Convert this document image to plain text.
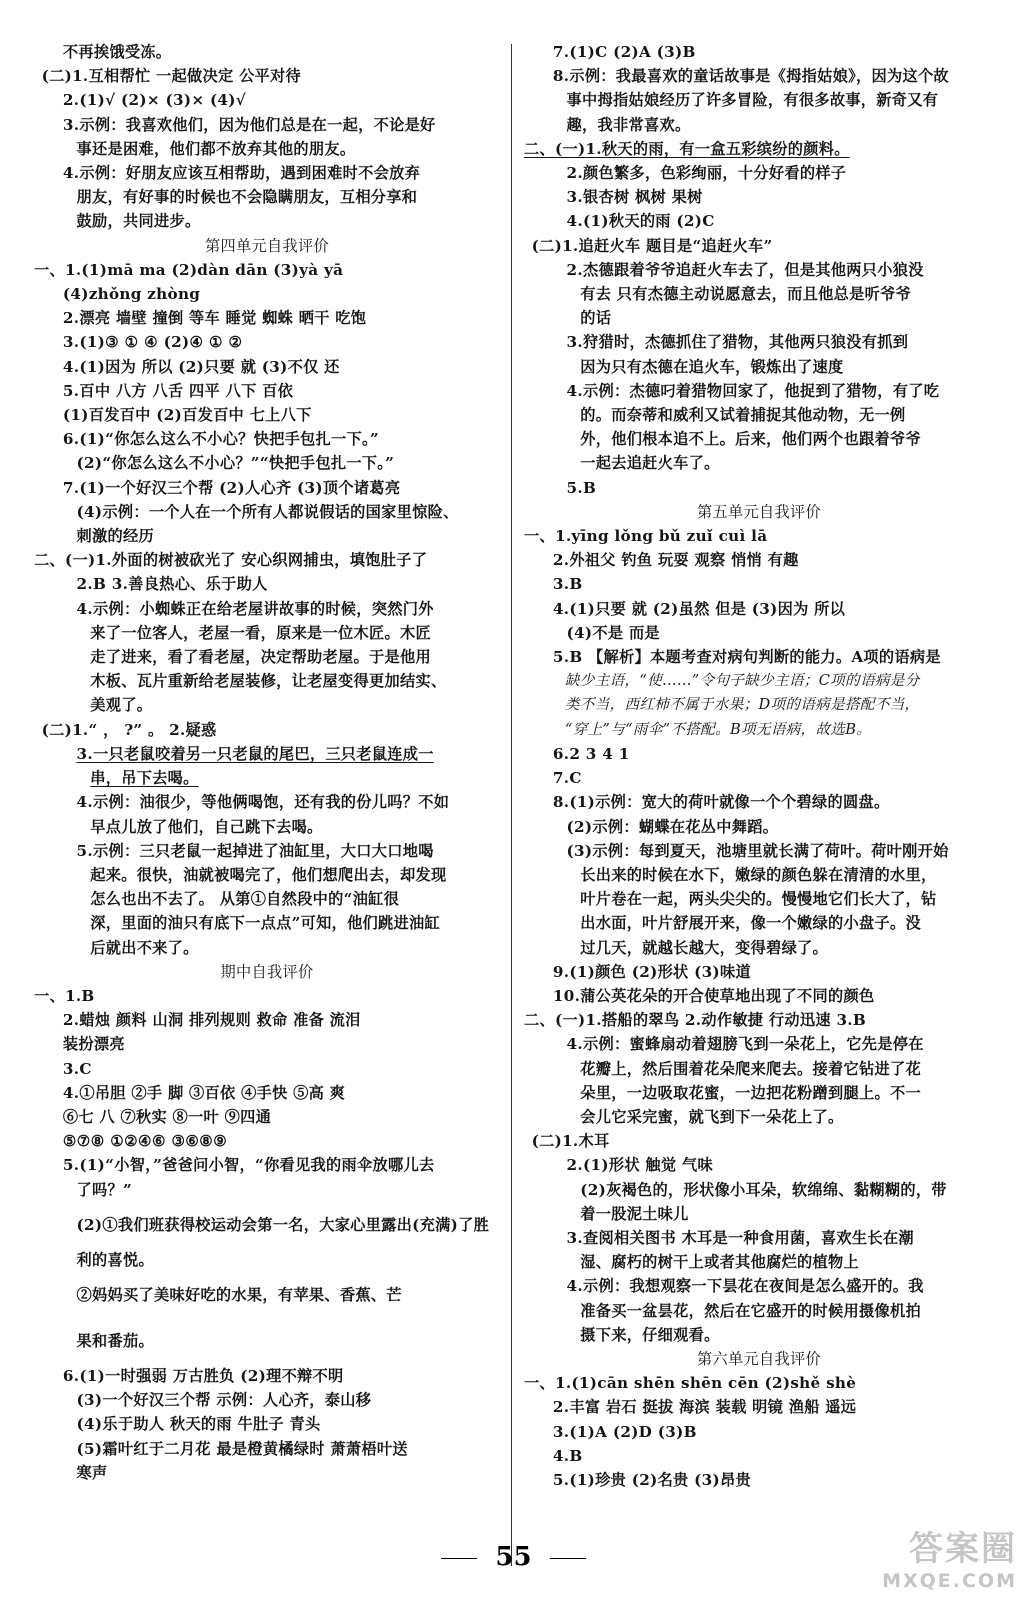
不再挨饿受冻。
(二)1.互相帮忙 一起做决定 公平对待
2.(1)√ (2)× (3)× (4)√
3.示例：我喜欢他们，因为他们总是在一起，不论是好
事还是困难，他们都不放弃其他的朋友。
4.示例：好朋友应该互相帮助，遇到困难时不会放弃
朋友，有好事的时候也不会隐瞒朋友，互相分享和
鼓励，共同进步。
第四单元自我评价
一、1.(1)mā ma (2)dàn dān (3)yà yā
(4)zhǒng zhòng
2.漂亮 墙壁 撞倒 等车 睡觉 蜘蛛 晒干 吃饱
3.(1)③ ① ④ (2)④ ① ②
4.(1)因为 所以 (2)只要 就 (3)不仅 还
5.百中 八方 八舌 四平 八下 百依
(1)百发百中 (2)百发百中 七上八下
6.(1)“你怎么这么不小心？快把手包扎一下。”
(2)“你怎么这么不小心？”“快把手包扎一下。”
7.(1)一个好汉三个帮 (2)人心齐 (3)顶个诸葛亮
(4)示例：一个人在一个所有人都说假话的国家里惊险、
刺激的经历
二、(一)1.外面的树被砍光了 安心织网捕虫，填饱肚子了
2.B 3.善良热心、乐于助人
4.示例：小蜘蛛正在给老屋讲故事的时候，突然门外
来了一位客人，老屋一看，原来是一位木匠。木匠
走了进来，看了看老屋，决定帮助老屋。于是他用
木板、瓦片重新给老屋装修，让老屋变得更加结实、
美观了。
(二)1.“ ， ?” 。 2.疑惑
3.一只老鼠咬着另一只老鼠的尾巴，三只老鼠连成一
串，吊下去喝。
4.示例：油很少，等他俩喝饱，还有我的份儿吗？不如
早点儿放了他们，自己跳下去喝。
5.示例：三只老鼠一起掉进了油缸里，大口大口地喝
起来。很快，油就被喝完了，他们想爬出去，却发现
怎么也出不去了。 从第①自然段中的“油缸很
深，里面的油只有底下一点点”可知，他们跳进油缸
后就出不来了。
期中自我评价
一、1.B
2.蜡烛 颜料 山洞 排列规则 救命 准备 流泪
装扮漂亮
3.C
4.①吊胆 ②手 脚 ③百依 ④手快 ⑤高 爽
⑥七 八 ⑦秋实 ⑧一叶 ⑨四通
⑤⑦⑧ ①②④⑥ ③⑥⑧⑨
5.(1)“小智，”爸爸问小智，“你看见我的雨伞放哪儿去
了吗？”
(2)①我们班获得校运动会第一名，大家心里露出(充满)了胜
利的喜悦。
②妈妈买了美味好吃的水果，有苹果、香蕉、芒
果和番茄。
6.(1)一时强弱 万古胜负 (2)理不辩不明
(3)一个好汉三个帮 示例：人心齐，泰山移
(4)乐于助人 秋天的雨 牛肚子 青头
(5)霜叶红于二月花 最是橙黄橘绿时 萧萧梧叶送
寒声
7.(1)C (2)A (3)B
8.示例：我最喜欢的童话故事是《拇指姑娘》，因为这个故
事中拇指姑娘经历了许多冒险，有很多故事，新奇又有
趣，我非常喜欢。
二、(一)1.秋天的雨，有一盒五彩缤纷的颜料。
2.颜色繁多，色彩绚丽，十分好看的样子
3.银杏树 枫树 果树
4.(1)秋天的雨 (2)C
(二)1.追赶火车 题目是“追赶火车”
2.杰德跟着爷爷追赶火车去了，但是其他两只小狼没
有去 只有杰德主动说愿意去，而且他总是听爷爷
的话
3.狩猎时，杰德抓住了猎物，其他两只狼没有抓到
因为只有杰德在追火车，锻炼出了速度
4.示例：杰德叼着猎物回家了，他捉到了猎物，有了吃
的。而奈蒂和威利又试着捕捉其他动物，无一例
外，他们根本追不上。后来，他们两个也跟着爷爷
一起去追赶火车了。
5.B
第五单元自我评价
一、1.yīng lǒng bǔ zuǐ cuì lā
2.外祖父 钓鱼 玩耍 观察 悄悄 有趣
3.B
4.(1)只要 就 (2)虽然 但是 (3)因为 所以
(4)不是 而是
5.B 【解析】本题考查对病句判断的能力。A项的语病是
缺少主语，“使……”令句子缺少主语；C项的语病是分
类不当，西红柿不属于水果；D项的语病是搭配不当，
“穿上”与“雨伞”不搭配。B项无语病，故选B。
6.2 3 4 1
7.C
8.(1)示例：宽大的荷叶就像一个个碧绿的圆盘。
(2)示例：蝴蝶在花丛中舞蹈。
(3)示例：每到夏天，池塘里就长满了荷叶。荷叶刚开始
长出来的时候在水下，嫩绿的颜色躲在清清的水里，
叶片卷在一起，两头尖尖的。慢慢地它们长大了，钻
出水面，叶片舒展开来，像一个嫩绿的小盘子。没
过几天，就越长越大，变得碧绿了。
9.(1)颜色 (2)形状 (3)味道
10.蒲公英花朵的开合使草地出现了不同的颜色
二、(一)1.搭船的翠鸟 2.动作敏捷 行动迅速 3.B
4.示例：蜜蜂扇动着翅膀飞到一朵花上，它先是停在
花瓣上，然后围着花朵爬来爬去。接着它钻进了花
朵里，一边吸取花蜜，一边把花粉蹭到腿上。不一
会儿它采完蜜，就飞到下一朵花上了。
(二)1.木耳
2.(1)形状 触觉 气味
(2)灰褐色的，形状像小耳朵，软绵绵、黏糊糊的，带
着一股泥土味儿
3.查阅相关图书 木耳是一种食用菌，喜欢生长在潮
湿、腐朽的树干上或者其他腐烂的植物上
4.示例：我想观察一下昙花在夜间是怎么盛开的。我
准备买一盆昙花，然后在它盛开的时候用摄像机拍
摄下来，仔细观看。
第六单元自我评价
一、1.(1)cān shēn shēn cēn (2)shě shè
2.丰富 岩石 挺拔 海滨 装载 明镜 渔船 遥远
3.(1)A (2)D (3)B
4.B
5.(1)珍贵 (2)名贵 (3)昂贵
55	答案圈
MXQE.COM
